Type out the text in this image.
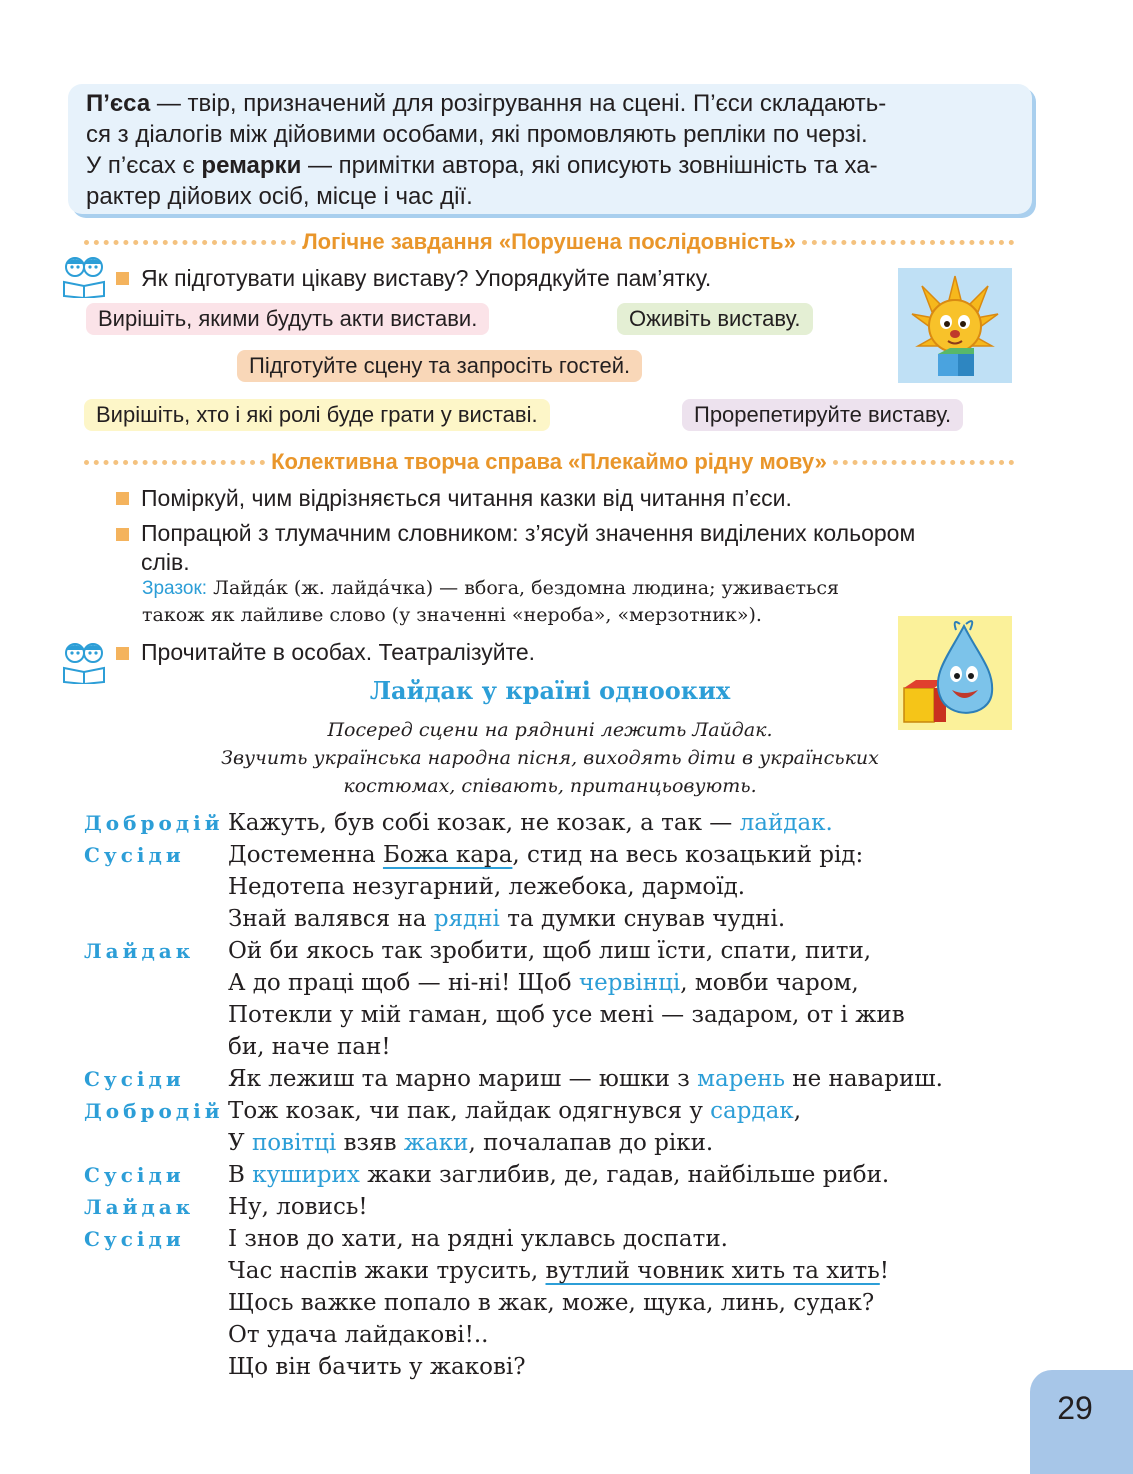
П’єса — твір, призначений для розігрування на сцені. П’єси складають-
ся з діалогів між дійовими особами, які промовляють репліки по черзі.
У п’єсах є ремарки — примітки автора, які описують зовнішність та ха-
рактер дійових осіб, місце і час дії.
Логічне завдання «Порушена послідовність»
Як підготувати цікаву виставу? Упорядкуйте пам’ятку.
Вирішіть, якими будуть акти вистави.	Оживіть виставу.
Підготуйте сцену та запросіть гостей.
Вирішіть, хто і які ролі буде грати у виставі.	Прорепетируйте виставу.
Колективна творча справа «Плекаймо рідну мову»
Поміркуй, чим відрізняється читання казки від читання п’єси.
Попрацюй з тлумачним словником: з’ясуй значення виділених кольором
слів.
Зразок: Лайда́к (ж. лайда́чка) — вбога, бездомна людина; уживається
також як лайливе слово (у значенні «нероба», «мерзотник»).
Прочитайте в особах. Театралізуйте.
Лайдак у країні однооких
Посеред сцени на ряднині лежить Лайдак.
Звучить українська народна пісня, виходять діти в українських
костюмах, співають, пританцьовують.
Добродій Кажуть, був собі козак, не козак, а так — лайдак.
Сусіди Достеменна Божа кара, стид на весь козацький рід:
Недотепа незугарний, лежебока, дармоїд.
Знай валявся на рядні та думки снував чудні.
Лайдак Ой би якось так зробити, щоб лиш їсти, спати, пити,
А до праці щоб — ні-ні! Щоб червінці, мовби чаром,
Потекли у мій гаман, щоб усе мені — задаром, от і жив
би, наче пан!
Сусіди Як лежиш та марно мариш — юшки з марень не навариш.
Добродій Тож козак, чи пак, лайдак одягнувся у сардак,
У повітці взяв жаки, почалапав до ріки.
Сусіди В куширих жаки заглибив, де, гадав, найбільше риби.
Лайдак Ну, ловись!
Сусіди І знов до хати, на рядні уклавсь доспати.
Час наспів жаки трусить, вутлий човник хить та хить!
Щось важке попало в жак, може, щука, линь, судак?
От удача лайдакові!..
Що він бачить у жакові?
29
